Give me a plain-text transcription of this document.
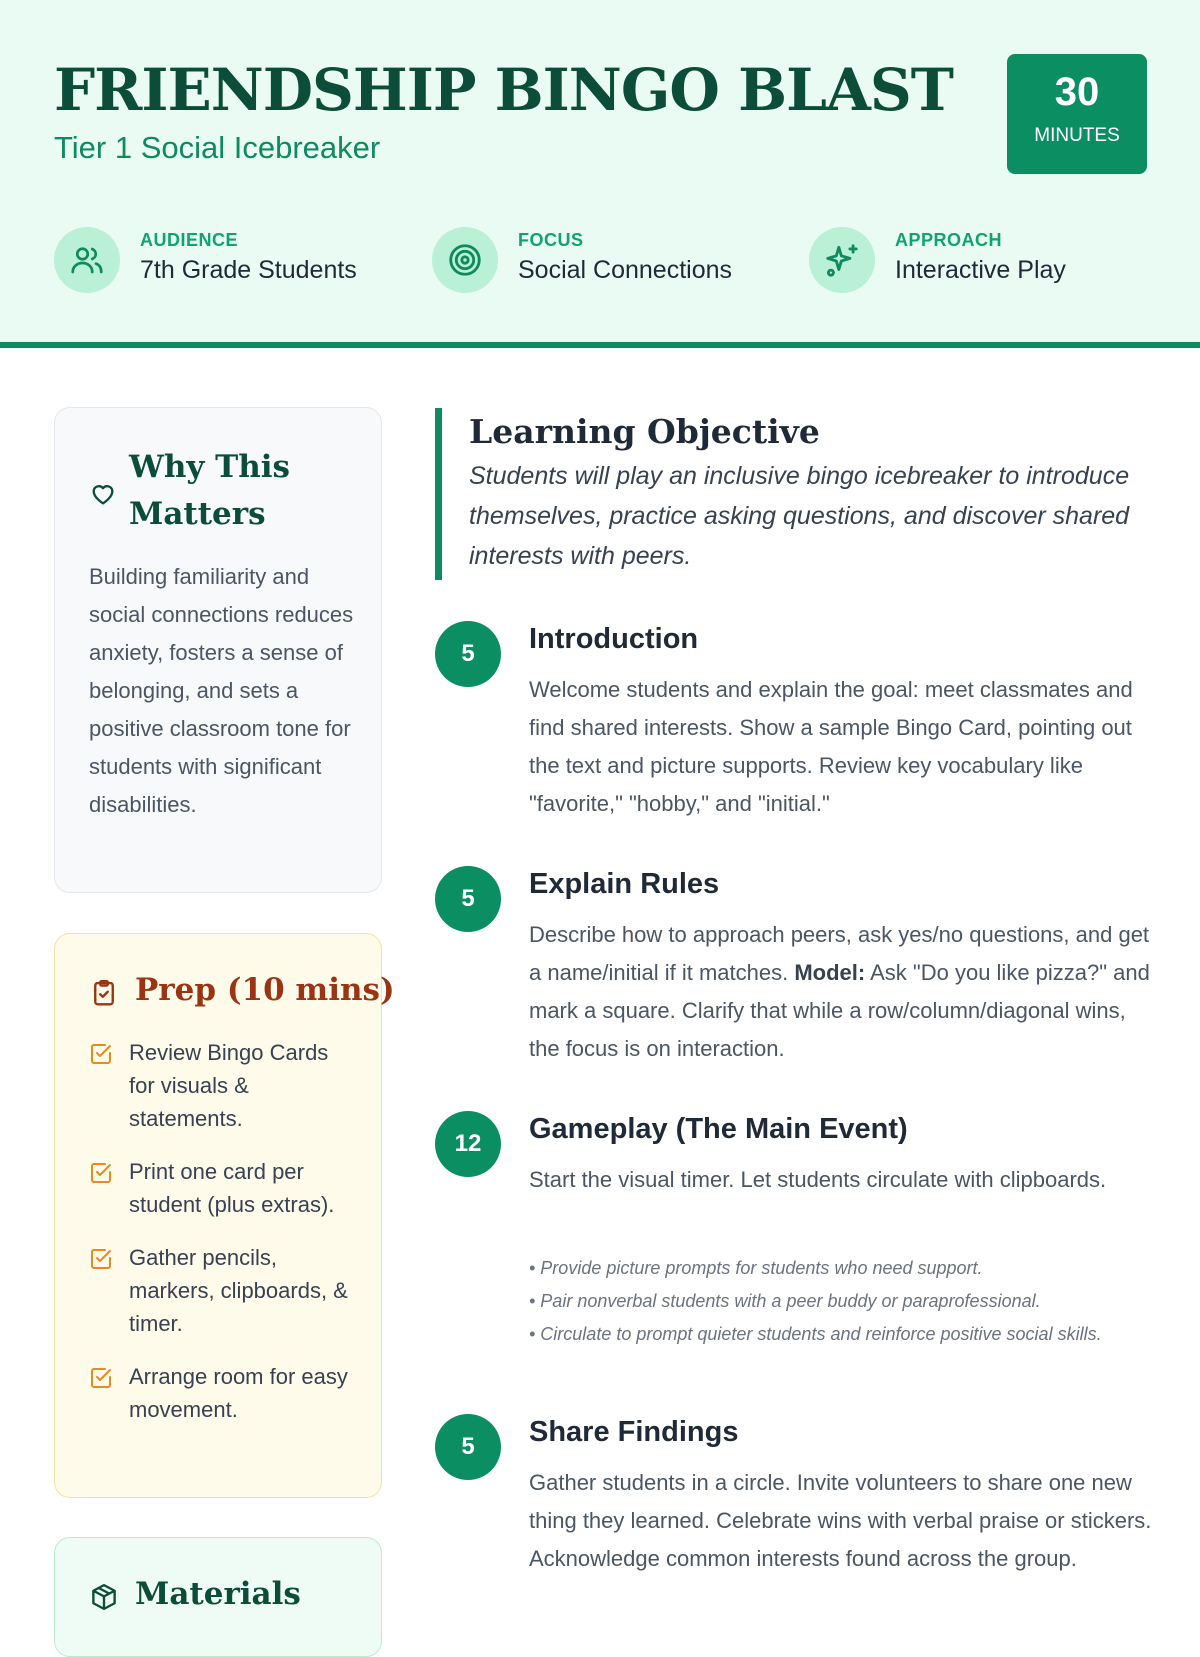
FRIENDSHIP BINGO BLAST
Tier 1 Social Icebreaker
30
MINUTES
AUDIENCE
7th Grade Students
FOCUS
Social Connections
APPROACH
Interactive Play
Why This Matters

Building familiarity and social connections reduces anxiety, fosters a sense of belonging, and sets a positive classroom tone for students with significant disabilities.

Prep (10 mins)
Review Bingo Cards for visuals & statements.
Print one card per student (plus extras).
Gather pencils, markers, clipboards, & timer.
Arrange room for easy movement.
Materials
Learning Objective

Students will play an inclusive bingo icebreaker to introduce themselves, practice asking questions, and discover shared interests with peers.

5	Introduction

Welcome students and explain the goal: meet classmates and find shared interests. Show a sample Bingo Card, pointing out the text and picture supports. Review key vocabulary like "favorite," "hobby," and "initial."

5	Explain Rules

Describe how to approach peers, ask yes/no questions, and get a name/initial if it matches. Model: Ask "Do you like pizza?" and mark a square. Clarify that while a row/column/diagonal wins, the focus is on interaction.

12	Gameplay (The Main Event)

Start the visual timer. Let students circulate with clipboards.

• Provide picture prompts for students who need support.
• Pair nonverbal students with a peer buddy or paraprofessional.
• Circulate to prompt quieter students and reinforce positive social skills.
5	Share Findings

Gather students in a circle. Invite volunteers to share one new thing they learned. Celebrate wins with verbal praise or stickers. Acknowledge common interests found across the group.
